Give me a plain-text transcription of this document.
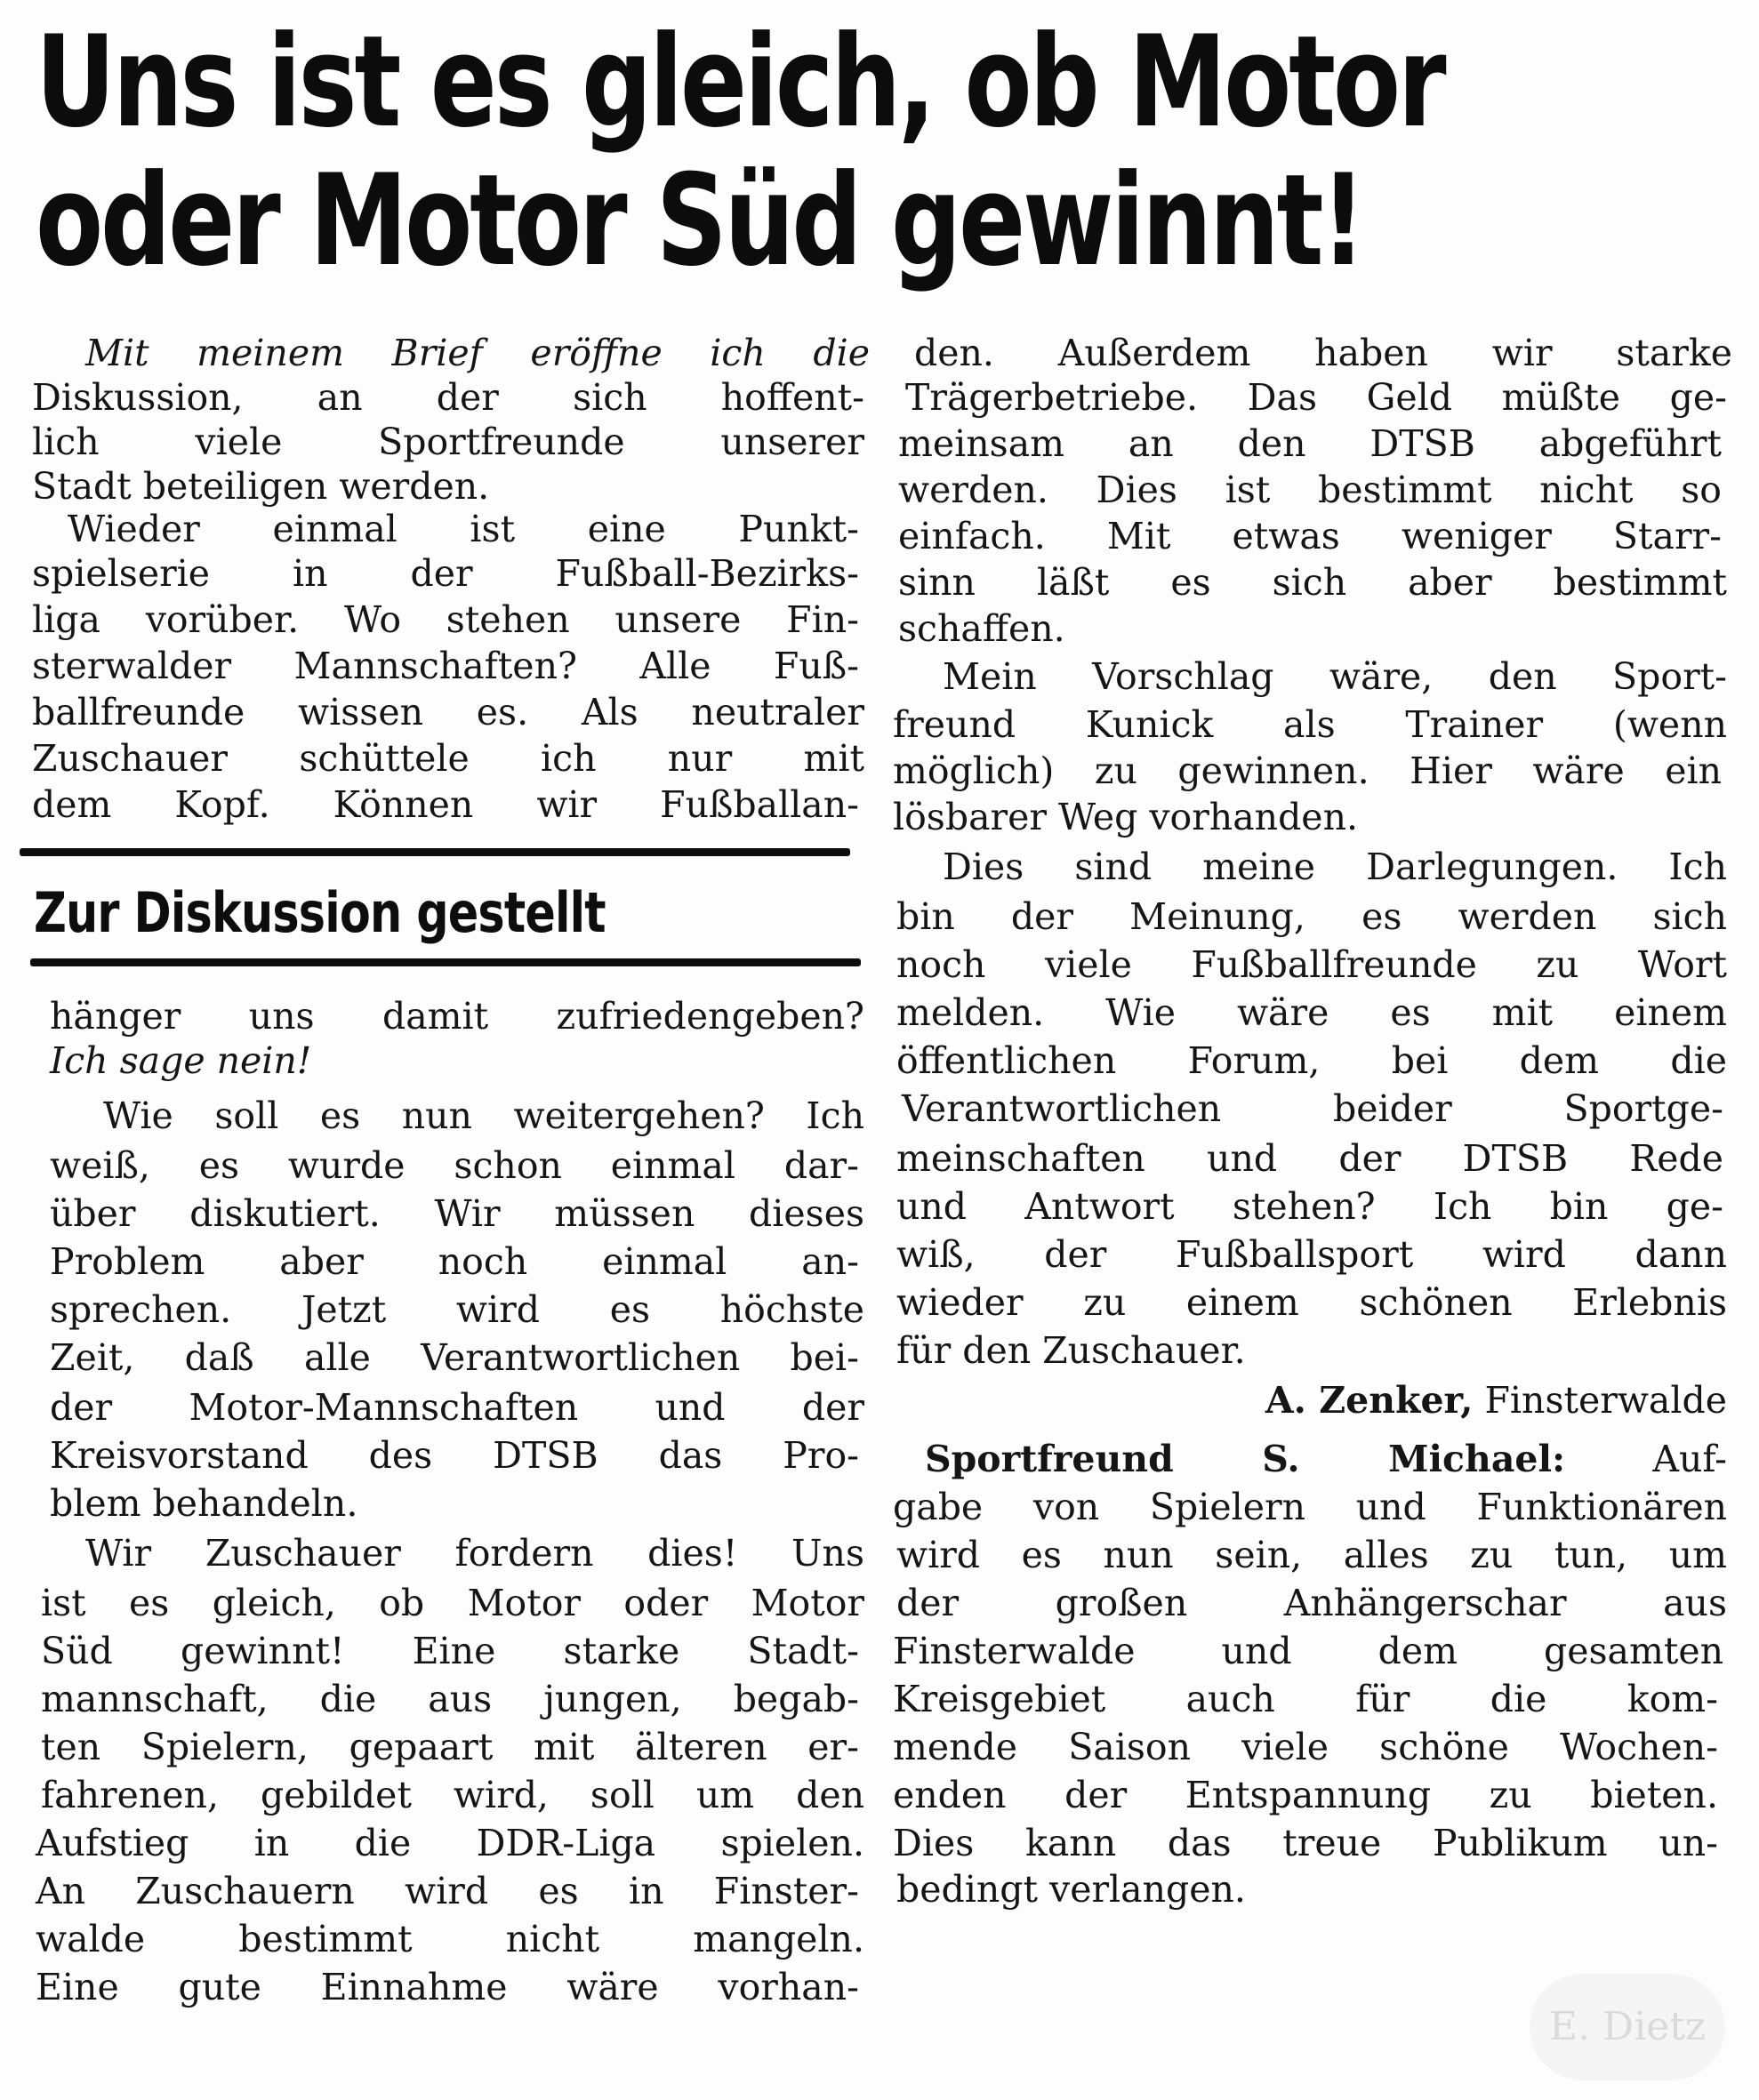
Uns ist es gleich, ob Motor
oder Motor Süd gewinnt!
Mit meinem Brief eröffne ich die
Diskussion, an der sich hoffent-
lich viele Sportfreunde unserer
Stadt beteiligen werden.
Wieder einmal ist eine Punkt-
spielserie in der Fußball-Bezirks-
liga vorüber. Wo stehen unsere Fin-
sterwalder Mannschaften? Alle Fuß-
ballfreunde wissen es. Als neutraler
Zuschauer schüttele ich nur mit
dem Kopf. Können wir Fußballan-
Zur Diskussion gestellt
hänger uns damit zufriedengeben?
Ich sage nein!
Wie soll es nun weitergehen? Ich
weiß, es wurde schon einmal dar-
über diskutiert. Wir müssen dieses
Problem aber noch einmal an-
sprechen. Jetzt wird es höchste
Zeit, daß alle Verantwortlichen bei-
der Motor-Mannschaften und der
Kreisvorstand des DTSB das Pro-
blem behandeln.
Wir Zuschauer fordern dies! Uns
ist es gleich, ob Motor oder Motor
Süd gewinnt! Eine starke Stadt-
mannschaft, die aus jungen, begab-
ten Spielern, gepaart mit älteren er-
fahrenen, gebildet wird, soll um den
Aufstieg in die DDR-Liga spielen.
An Zuschauern wird es in Finster-
walde bestimmt nicht mangeln.
Eine gute Einnahme wäre vorhan-
den. Außerdem haben wir starke
Trägerbetriebe. Das Geld müßte ge-
meinsam an den DTSB abgeführt
werden. Dies ist bestimmt nicht so
einfach. Mit etwas weniger Starr-
sinn läßt es sich aber bestimmt
schaffen.
Mein Vorschlag wäre, den Sport-
freund Kunick als Trainer (wenn
möglich) zu gewinnen. Hier wäre ein
lösbarer Weg vorhanden.
Dies sind meine Darlegungen. Ich
bin der Meinung, es werden sich
noch viele Fußballfreunde zu Wort
melden. Wie wäre es mit einem
öffentlichen Forum, bei dem die
Verantwortlichen beider Sportge-
meinschaften und der DTSB Rede
und Antwort stehen? Ich bin ge-
wiß, der Fußballsport wird dann
wieder zu einem schönen Erlebnis
für den Zuschauer.
A. Zenker, Finsterwalde
Sportfreund S. Michael: Auf-
gabe von Spielern und Funktionären
wird es nun sein, alles zu tun, um
der großen Anhängerschar aus
Finsterwalde und dem gesamten
Kreisgebiet auch für die kom-
mende Saison viele schöne Wochen-
enden der Entspannung zu bieten.
Dies kann das treue Publikum un-
bedingt verlangen.
E. Dietz
